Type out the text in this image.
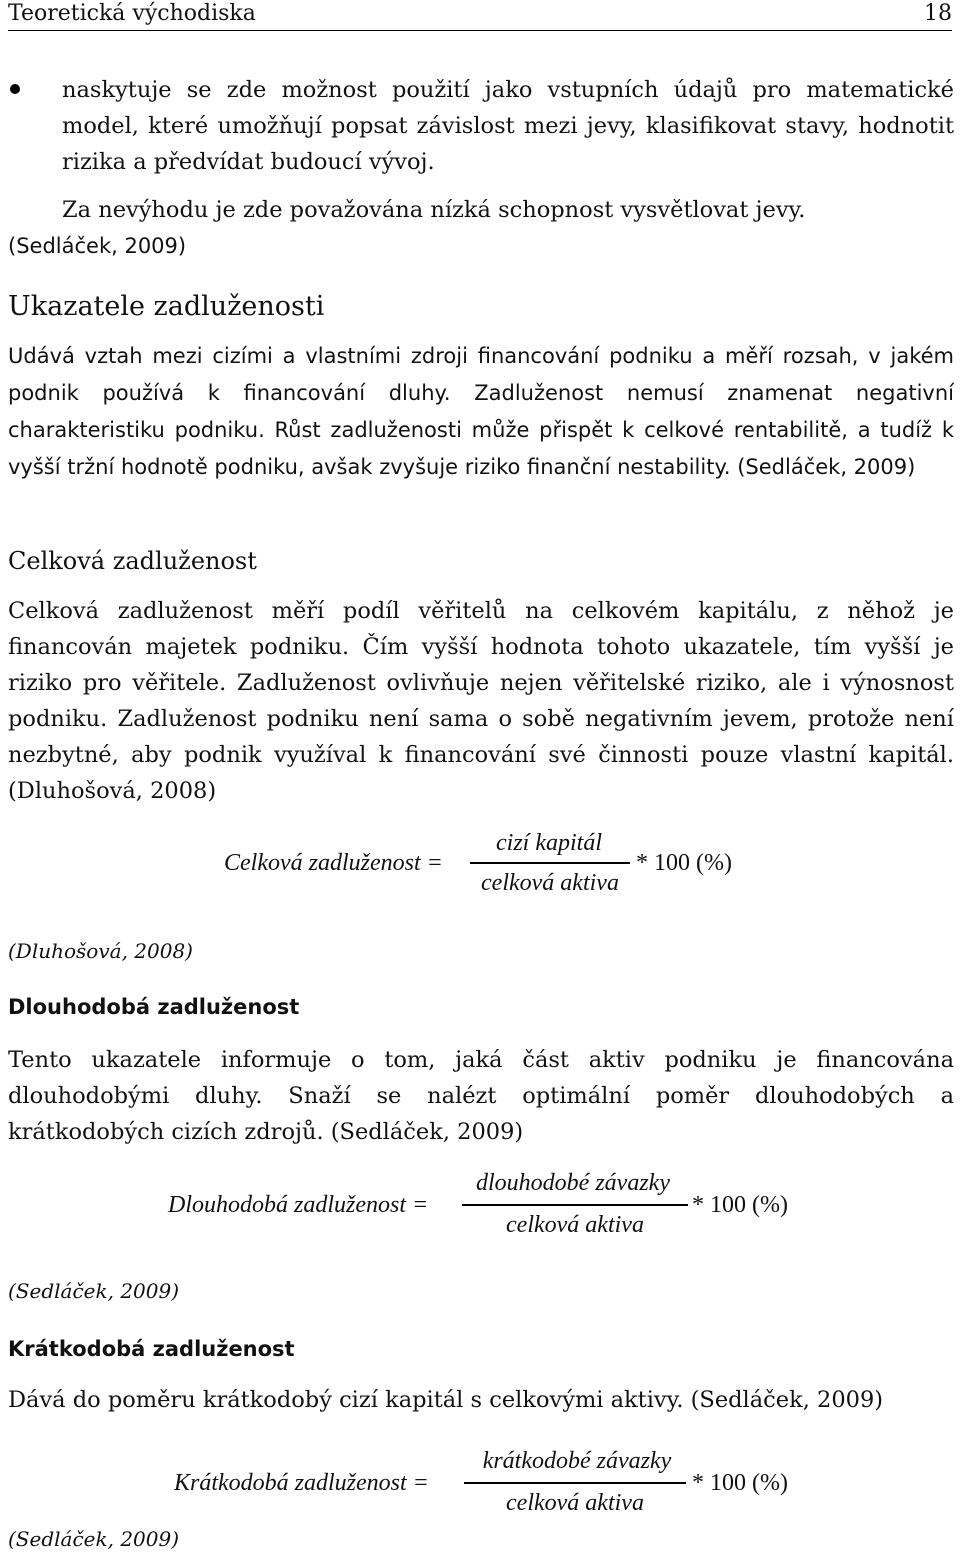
Teoretická východiska	18
naskytuje se zde možnost použití jako vstupních údajů pro matematické model, které umožňují popsat závislost mezi jevy, klasifikovat stavy, hodnotit rizika a předvídat budoucí vývoj.
Za nevýhodu je zde považována nízká schopnost vysvětlovat jevy.
(Sedláček, 2009)
Ukazatele zadluženosti
Udává vztah mezi cizími a vlastními zdroji financování podniku a měří rozsah, v jakém podnik používá k financování dluhy. Zadluženost nemusí znamenat negativní charakteristiku podniku. Růst zadluženosti může přispět k celkové rentabilitě, a tudíž k vyšší tržní hodnotě podniku, avšak zvyšuje riziko finanční nestability. (Sedláček, 2009)
Celková zadluženost
Celková zadluženost měří podíl věřitelů na celkovém kapitálu, z něhož je financován majetek podniku. Čím vyšší hodnota tohoto ukazatele, tím vyšší je riziko pro věřitele. Zadluženost ovlivňuje nejen věřitelské riziko, ale i výnosnost podniku. Zadluženost podniku není sama o sobě negativním jevem, protože není nezbytné, aby podnik využíval k financování své činnosti pouze vlastní kapitál. (Dluhošová, 2008)
Celková zadluženost =
cizí kapitál
celková aktiva
* 100 (%)
(Dluhošová, 2008)
Dlouhodobá zadluženost
Tento ukazatele informuje o tom, jaká část aktiv podniku je financována dlouhodobými dluhy. Snaží se nalézt optimální poměr dlouhodobých a krátkodobých cizích zdrojů. (Sedláček, 2009)
Dlouhodobá zadluženost =
dlouhodobé závazky
celková aktiva
* 100 (%)
(Sedláček, 2009)
Krátkodobá zadluženost
Dává do poměru krátkodobý cizí kapitál s celkovými aktivy. (Sedláček, 2009)
Krátkodobá zadluženost =
krátkodobé závazky
celková aktiva
* 100 (%)
(Sedláček, 2009)
